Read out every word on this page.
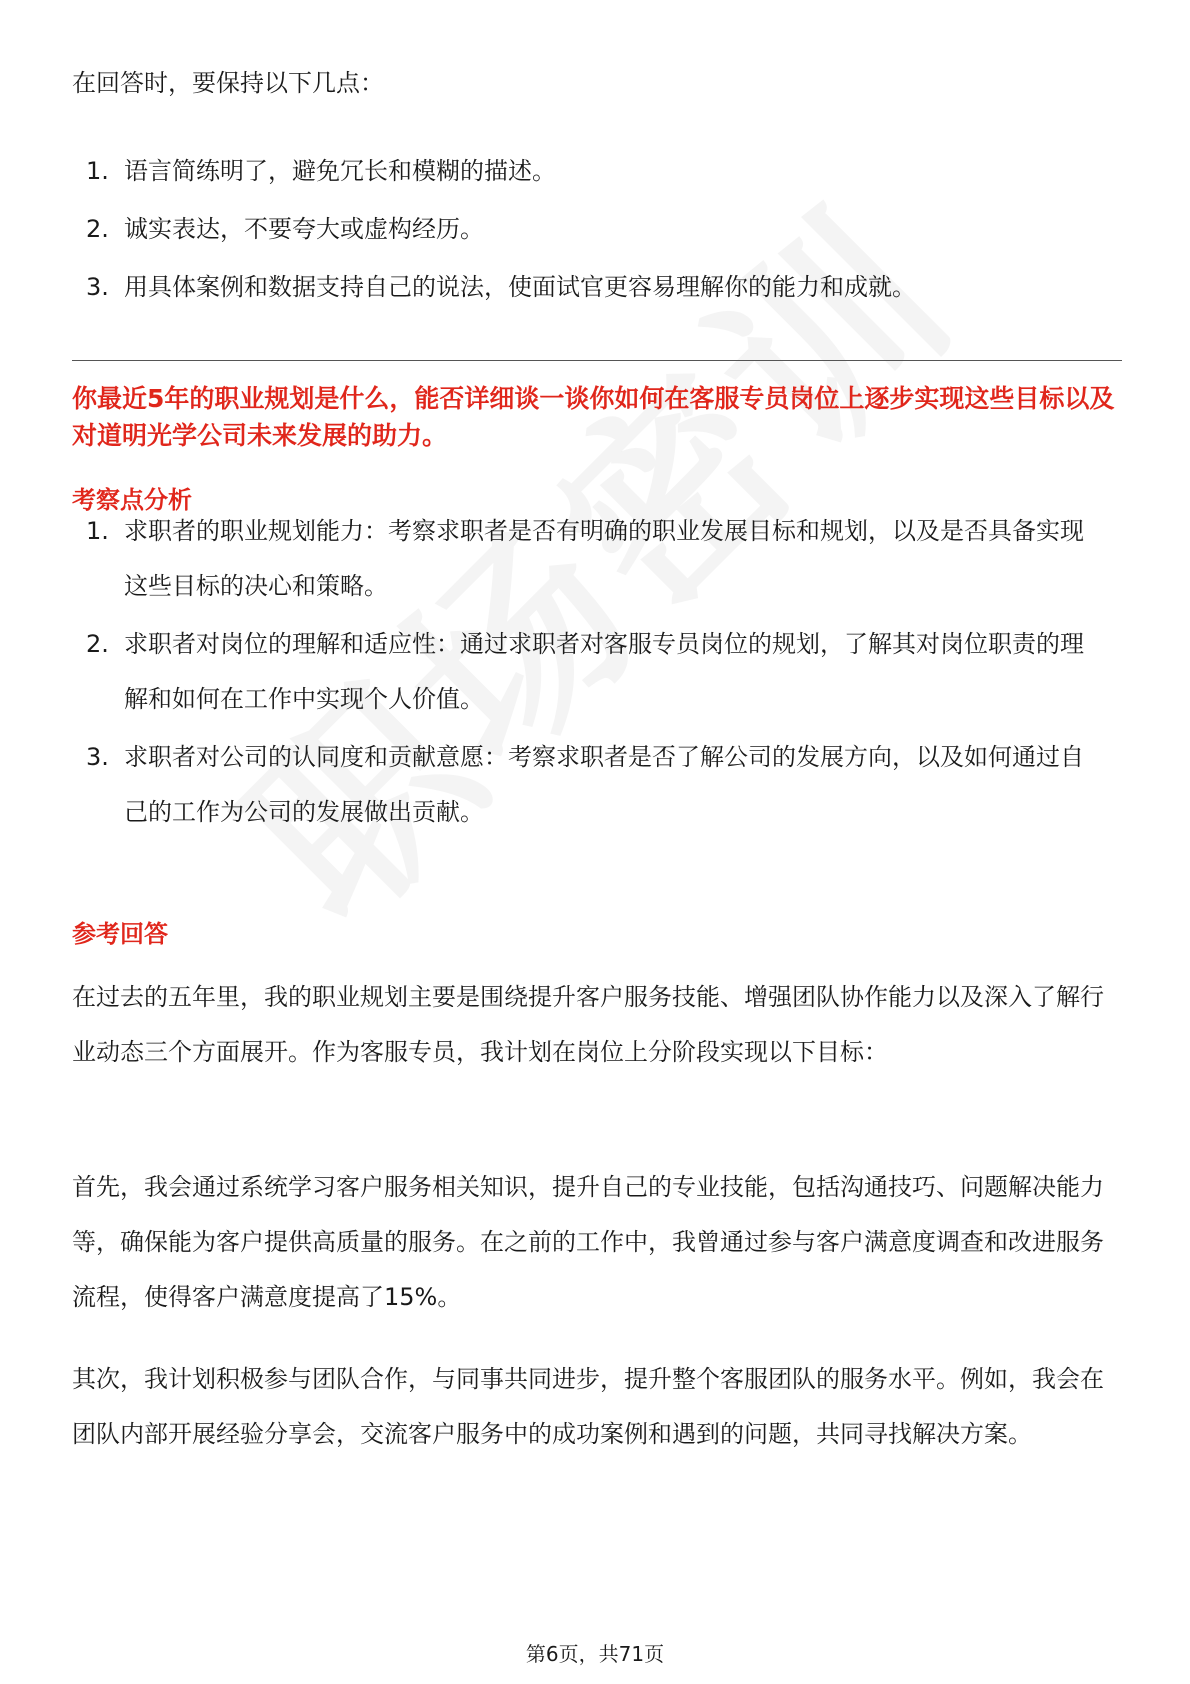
在回答时，要保持以下几点：

1. 语言简练明了，避免冗长和模糊的描述。
2. 诚实表达，不要夸大或虚构经历。
3. 用具体案例和数据支持自己的说法，使面试官更容易理解你的能力和成就。

你最近5年的职业规划是什么，能否详细谈一谈你如何在客服专员岗位上逐步实现这些目标以及对道明光学公司未来发展的助力。

考察点分析
1. 求职者的职业规划能力：考察求职者是否有明确的职业发展目标和规划，以及是否具备实现这些目标的决心和策略。
2. 求职者对岗位的理解和适应性：通过求职者对客服专员岗位的规划，了解其对岗位职责的理解和如何在工作中实现个人价值。
3. 求职者对公司的认同度和贡献意愿：考察求职者是否了解公司的发展方向，以及如何通过自己的工作为公司的发展做出贡献。
参考回答

在过去的五年里，我的职业规划主要是围绕提升客户服务技能、增强团队协作能力以及深入了解行业动态三个方面展开。作为客服专员，我计划在岗位上分阶段实现以下目标：

首先，我会通过系统学习客户服务相关知识，提升自己的专业技能，包括沟通技巧、问题解决能力等，确保能为客户提供高质量的服务。在之前的工作中，我曾通过参与客户满意度调查和改进服务流程，使得客户满意度提高了15%。

其次，我计划积极参与团队合作，与同事共同进步，提升整个客服团队的服务水平。例如，我会在团队内部开展经验分享会，交流客户服务中的成功案例和遇到的问题，共同寻找解决方案。

第6页，共71页
